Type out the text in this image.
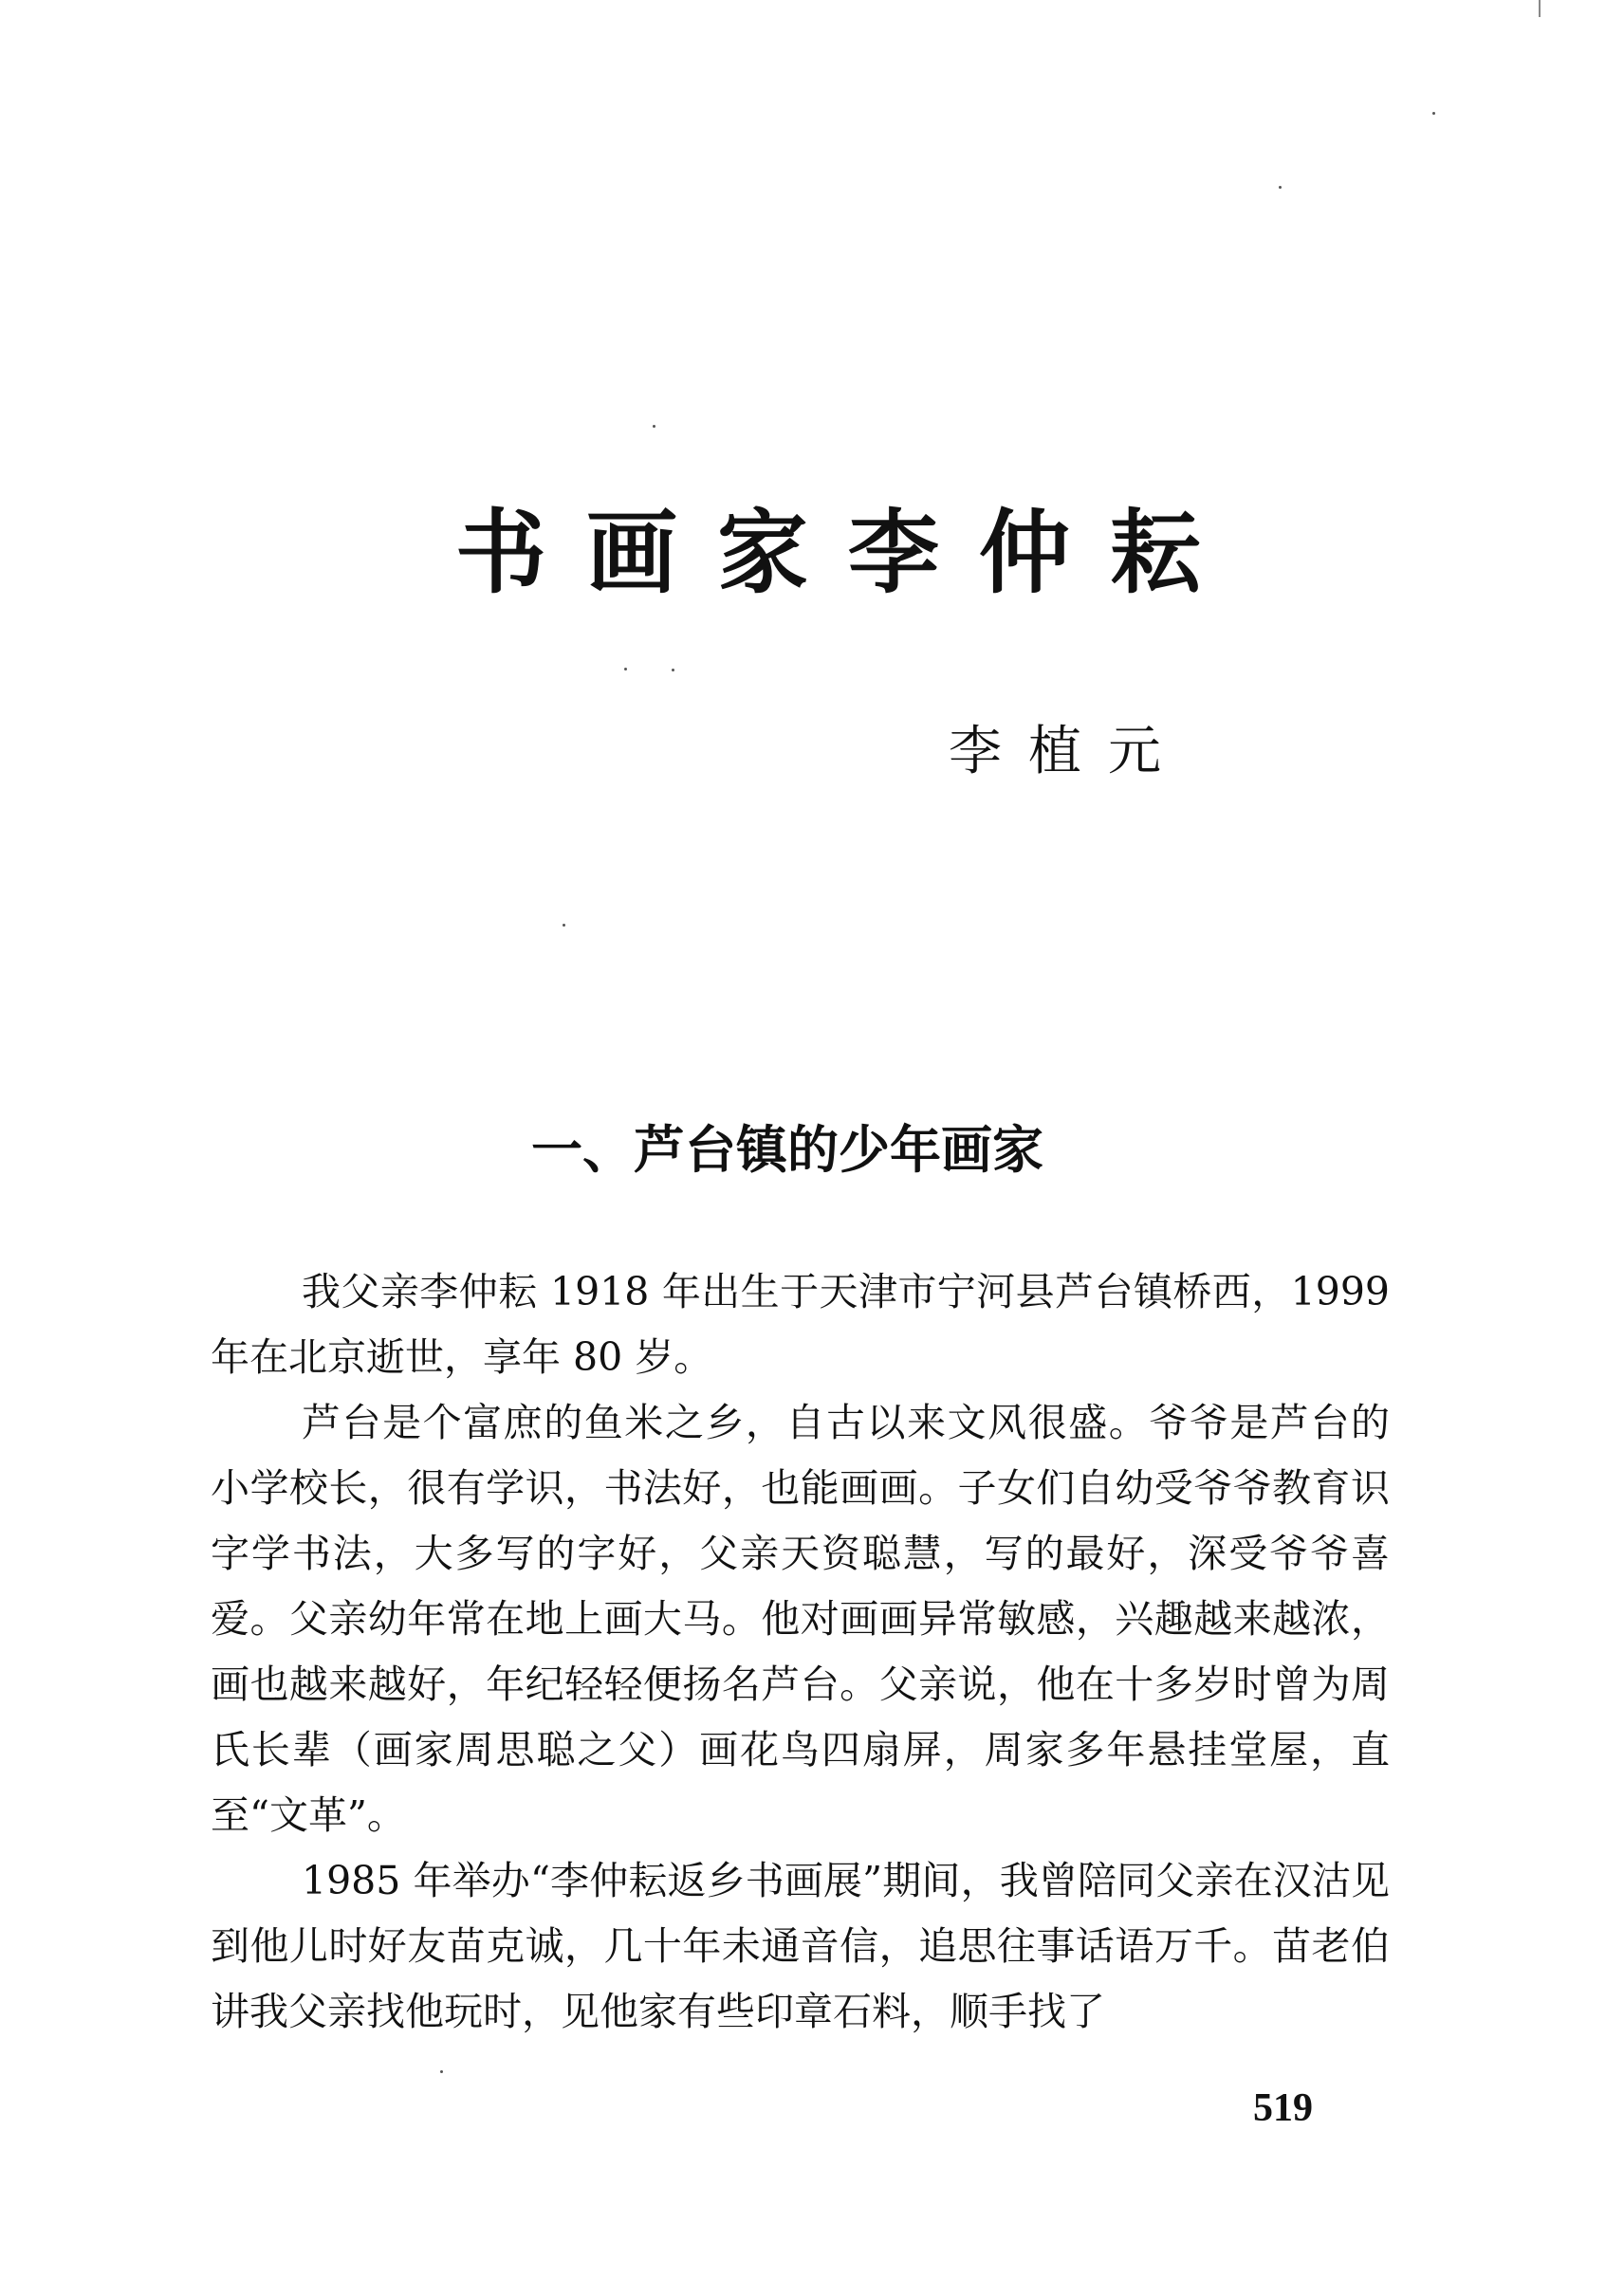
书画家李仲耘
李植元
一、芦台镇的少年画家

我父亲李仲耘 1918 年出生于天津市宁河县芦台镇桥西，1999 年在北京逝世，享年 80 岁。

芦台是个富庶的鱼米之乡，自古以来文风很盛。爷爷是芦台的小学校长，很有学识，书法好，也能画画。子女们自幼受爷爷教育识字学书法，大多写的字好，父亲天资聪慧，写的最好，深受爷爷喜爱。父亲幼年常在地上画大马。他对画画异常敏感，兴趣越来越浓，画也越来越好，年纪轻轻便扬名芦台。父亲说，他在十多岁时曾为周氏长辈（画家周思聪之父）画花鸟四扇屏，周家多年悬挂堂屋，直至“文革”。

1985 年举办“李仲耘返乡书画展”期间，我曾陪同父亲在汉沽见到他儿时好友苗克诚，几十年未通音信，追思往事话语万千。苗老伯讲我父亲找他玩时，见他家有些印章石料，顺手找了

519
